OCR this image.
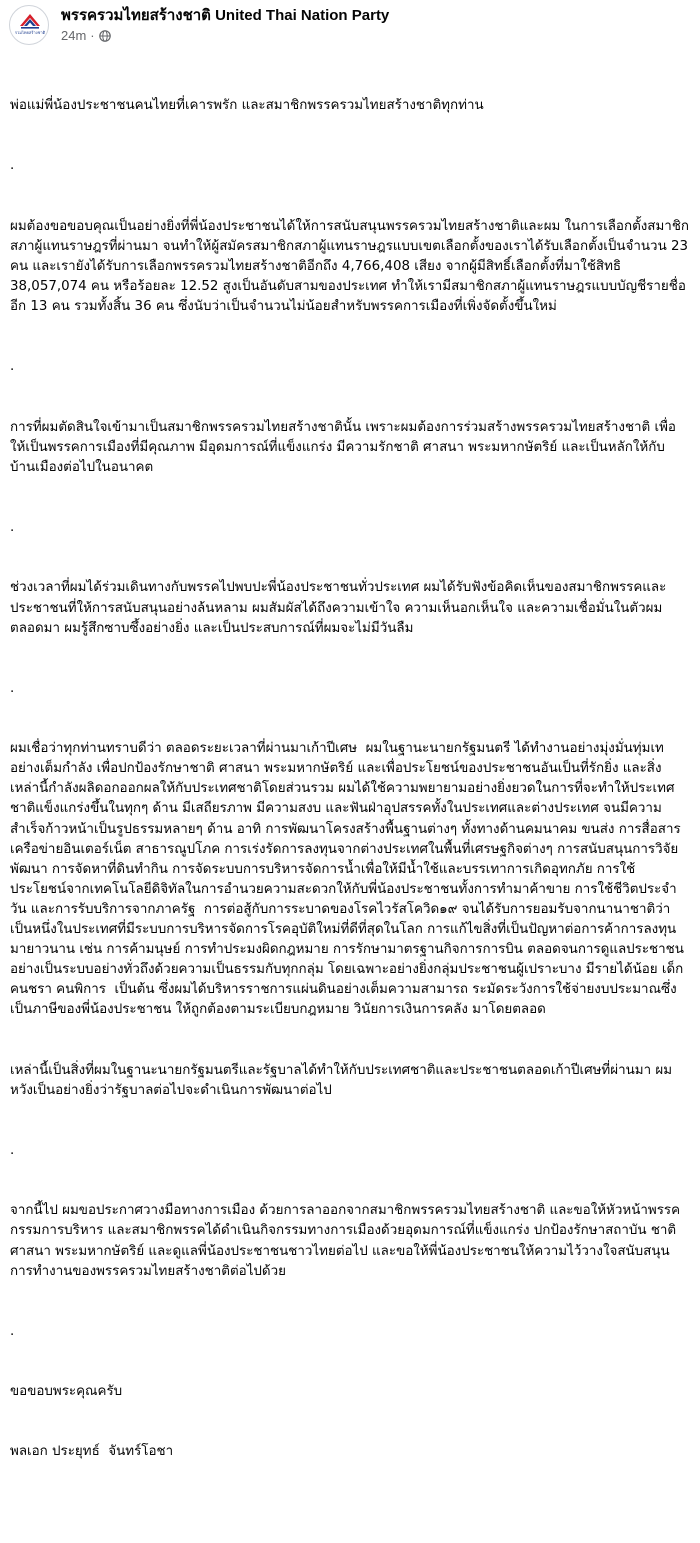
รวมไทยสร้างชาติ
พรรครวมไทยสร้างชาติ United Thai Nation Party
24m ·

พ่อแม่พี่น้องประชาชนคนไทยที่เคารพรัก และสมาชิกพรรครวมไทยสร้างชาติทุกท่าน

.

ผมต้องขอขอบคุณเป็นอย่างยิ่งที่พี่น้องประชาชนได้ให้การสนับสนุนพรรครวมไทยสร้างชาติและผม ในการเลือกตั้งสมาชิกสภาผู้แทนราษฎรที่ผ่านมา จนทำให้ผู้สมัครสมาชิกสภาผู้แทนราษฎรแบบเขตเลือกตั้งของเราได้รับเลือกตั้งเป็นจำนวน 23 คน และเรายังได้รับการเลือกพรรครวมไทยสร้างชาติอีกถึง 4,766,408 เสียง จากผู้มีสิทธิ์เลือกตั้งที่มาใช้สิทธิ 38,057,074 คน หรือร้อยละ 12.52 สูงเป็นอันดับสามของประเทศ ทำให้เรามีสมาชิกสภาผู้แทนราษฎรแบบบัญชีรายชื่ออีก 13 คน รวมทั้งสิ้น 36 คน ซึ่งนับว่าเป็นจำนวนไม่น้อยสำหรับพรรคการเมืองที่เพิ่งจัดตั้งขึ้นใหม่

.

การที่ผมตัดสินใจเข้ามาเป็นสมาชิกพรรครวมไทยสร้างชาตินั้น เพราะผมต้องการร่วมสร้างพรรครวมไทยสร้างชาติ เพื่อให้เป็นพรรคการเมืองที่มีคุณภาพ มีอุดมการณ์ที่แข็งแกร่ง มีความรักชาติ ศาสนา พระมหากษัตริย์ และเป็นหลักให้กับบ้านเมืองต่อไปในอนาคต

.

ช่วงเวลาที่ผมได้ร่วมเดินทางกับพรรคไปพบปะพี่น้องประชาชนทั่วประเทศ ผมได้รับฟังข้อคิดเห็นของสมาชิกพรรคและประชาชนที่ให้การสนับสนุนอย่างล้นหลาม ผมสัมผัสได้ถึงความเข้าใจ ความเห็นอกเห็นใจ และความเชื่อมั่นในตัวผมตลอดมา ผมรู้สึกซาบซึ้งอย่างยิ่ง และเป็นประสบการณ์ที่ผมจะไม่มีวันลืม

.

ผมเชื่อว่าทุกท่านทราบดีว่า ตลอดระยะเวลาที่ผ่านมาเก้าปีเศษ  ผมในฐานะนายกรัฐมนตรี ได้ทำงานอย่างมุ่งมั่นทุ่มเทอย่างเต็มกำลัง เพื่อปกป้องรักษาชาติ ศาสนา พระมหากษัตริย์ และเพื่อประโยชน์ของประชาชนอันเป็นที่รักยิ่ง และสิ่งเหล่านี้กำลังผลิดอกออกผลให้กับประเทศชาติโดยส่วนรวม ผมได้ใช้ความพยายามอย่างยิ่งยวดในการที่จะทำให้ประเทศชาติแข็งแกร่งขึ้นในทุกๆ ด้าน มีเสถียรภาพ มีความสงบ และฟันฝ่าอุปสรรคทั้งในประเทศและต่างประเทศ จนมีความสำเร็จก้าวหน้าเป็นรูปธรรมหลายๆ ด้าน อาทิ การพัฒนาโครงสร้างพื้นฐานต่างๆ ทั้งทางด้านคมนาคม ขนส่ง การสื่อสาร เครือข่ายอินเตอร์เน็ต สาธารณูปโภค การเร่งรัดการลงทุนจากต่างประเทศในพื้นที่เศรษฐกิจต่างๆ การสนับสนุนการวิจัยพัฒนา การจัดหาที่ดินทำกิน การจัดระบบการบริหารจัดการน้ำเพื่อให้มีน้ำใช้และบรรเทาการเกิดอุทกภัย การใช้ประโยชน์จากเทคโนโลยีดิจิทัลในการอำนวยความสะดวกให้กับพี่น้องประชาชนทั้งการทำมาค้าขาย การใช้ชีวิตประจำวัน และการรับบริการจากภาครัฐ  การต่อสู้กับการระบาดของโรคไวรัสโควิด๑๙ จนได้รับการยอมรับจากนานาชาติว่าเป็นหนึ่งในประเทศที่มีระบบการบริหารจัดการโรคอุบัติใหม่ที่ดีที่สุดในโลก การแก้ไขสิ่งที่เป็นปัญหาต่อการค้าการลงทุนมายาวนาน เช่น การค้ามนุษย์ การทำประมงผิดกฎหมาย การรักษามาตรฐานกิจการการบิน ตลอดจนการดูแลประชาชนอย่างเป็นระบบอย่างทั่วถึงด้วยความเป็นธรรมกับทุกกลุ่ม โดยเฉพาะอย่างยิ่งกลุ่มประชาชนผู้เปราะบาง มีรายได้น้อย เด็ก คนชรา คนพิการ  เป็นต้น ซึ่งผมได้บริหารราชการแผ่นดินอย่างเต็มความสามารถ ระมัดระวังการใช้จ่ายงบประมาณซึ่งเป็นภาษีของพี่น้องประชาชน ให้ถูกต้องตามระเบียบกฎหมาย วินัยการเงินการคลัง มาโดยตลอด

เหล่านี้เป็นสิ่งที่ผมในฐานะนายกรัฐมนตรีและรัฐบาลได้ทำให้กับประเทศชาติและประชาชนตลอดเก้าปีเศษที่ผ่านมา ผมหวังเป็นอย่างยิ่งว่ารัฐบาลต่อไปจะดำเนินการพัฒนาต่อไป

.

จากนี้ไป ผมขอประกาศวางมือทางการเมือง ด้วยการลาออกจากสมาชิกพรรครวมไทยสร้างชาติ และขอให้หัวหน้าพรรค  กรรมการบริหาร และสมาชิกพรรคได้ดำเนินกิจกรรมทางการเมืองด้วยอุดมการณ์ที่แข็งแกร่ง ปกป้องรักษาสถาบัน ชาติ ศาสนา พระมหากษัตริย์ และดูแลพี่น้องประชาชนชาวไทยต่อไป และขอให้พี่น้องประชาชนให้ความไว้วางใจสนับสนุนการทำงานของพรรครวมไทยสร้างชาติต่อไปด้วย

.

ขอขอบพระคุณครับ

พลเอก ประยุทธ์  จันทร์โอชา
